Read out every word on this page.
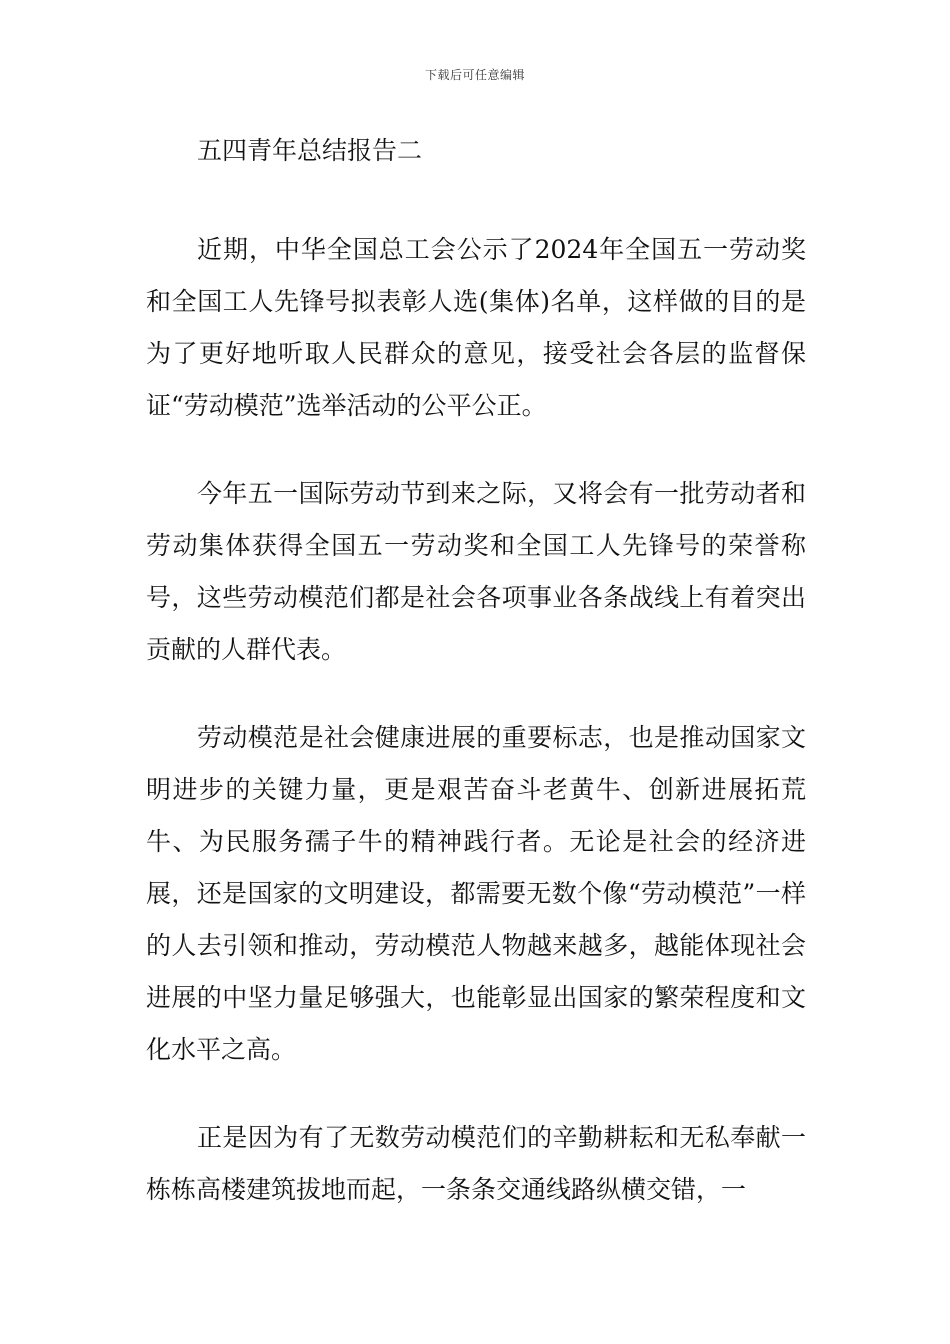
下载后可任意编辑
五四青年总结报告二

近期，中华全国总工会公示了2024年全国五一劳动奖和全国工人先锋号拟表彰人选(集体)名单，这样做的目的是为了更好地听取人民群众的意见，接受社会各层的监督保证“劳动模范”选举活动的公平公正。

今年五一国际劳动节到来之际，又将会有一批劳动者和劳动集体获得全国五一劳动奖和全国工人先锋号的荣誉称号，这些劳动模范们都是社会各项事业各条战线上有着突出贡献的人群代表。

劳动模范是社会健康进展的重要标志，也是推动国家文明进步的关键力量，更是艰苦奋斗老黄牛、创新进展拓荒牛、为民服务孺子牛的精神践行者。无论是社会的经济进展，还是国家的文明建设，都需要无数个像“劳动模范”一样的人去引领和推动，劳动模范人物越来越多，越能体现社会进展的中坚力量足够强大，也能彰显出国家的繁荣程度和文化水平之高。

正是因为有了无数劳动模范们的辛勤耕耘和无私奉献一栋栋高楼建筑拔地而起，一条条交通线路纵横交错，一
